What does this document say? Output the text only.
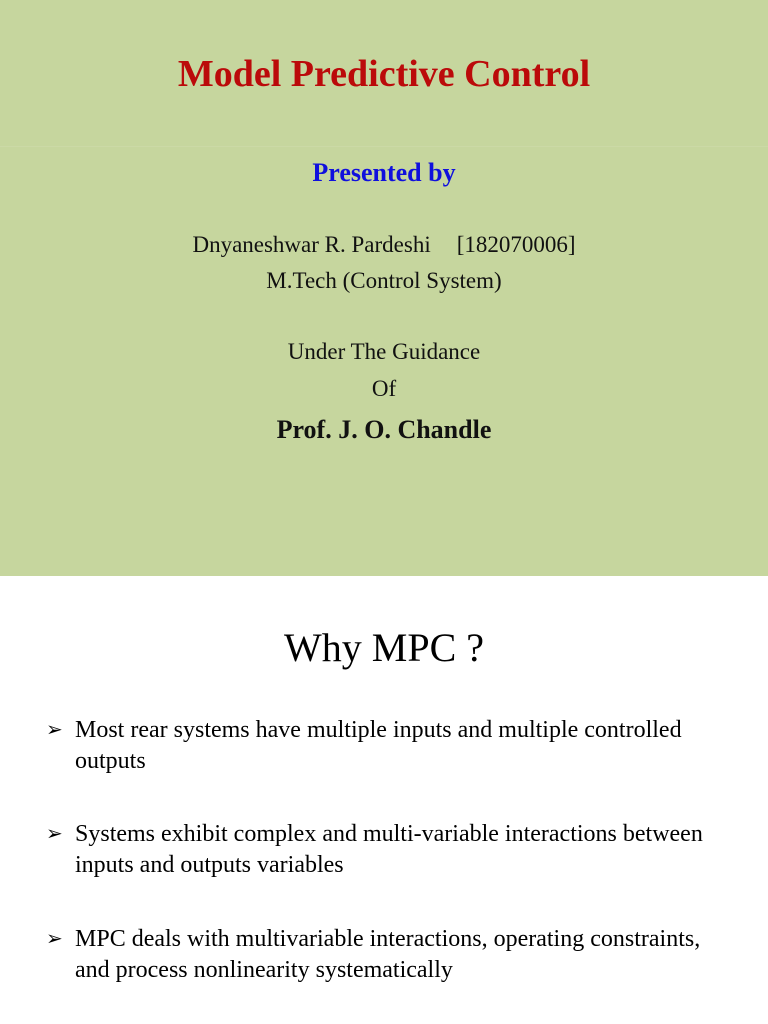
Model Predictive Control
Presented by
Dnyaneshwar R. Pardeshi [182070006]
M.Tech (Control System)
Under The Guidance
Of
Prof. J. O. Chandle
Why MPC ?
➢ Most rear systems have multiple inputs and multiple controlled outputs
➢ Systems exhibit complex and multi-variable interactions between inputs and outputs variables
➢ MPC deals with multivariable interactions, operating constraints, and process nonlinearity systematically
